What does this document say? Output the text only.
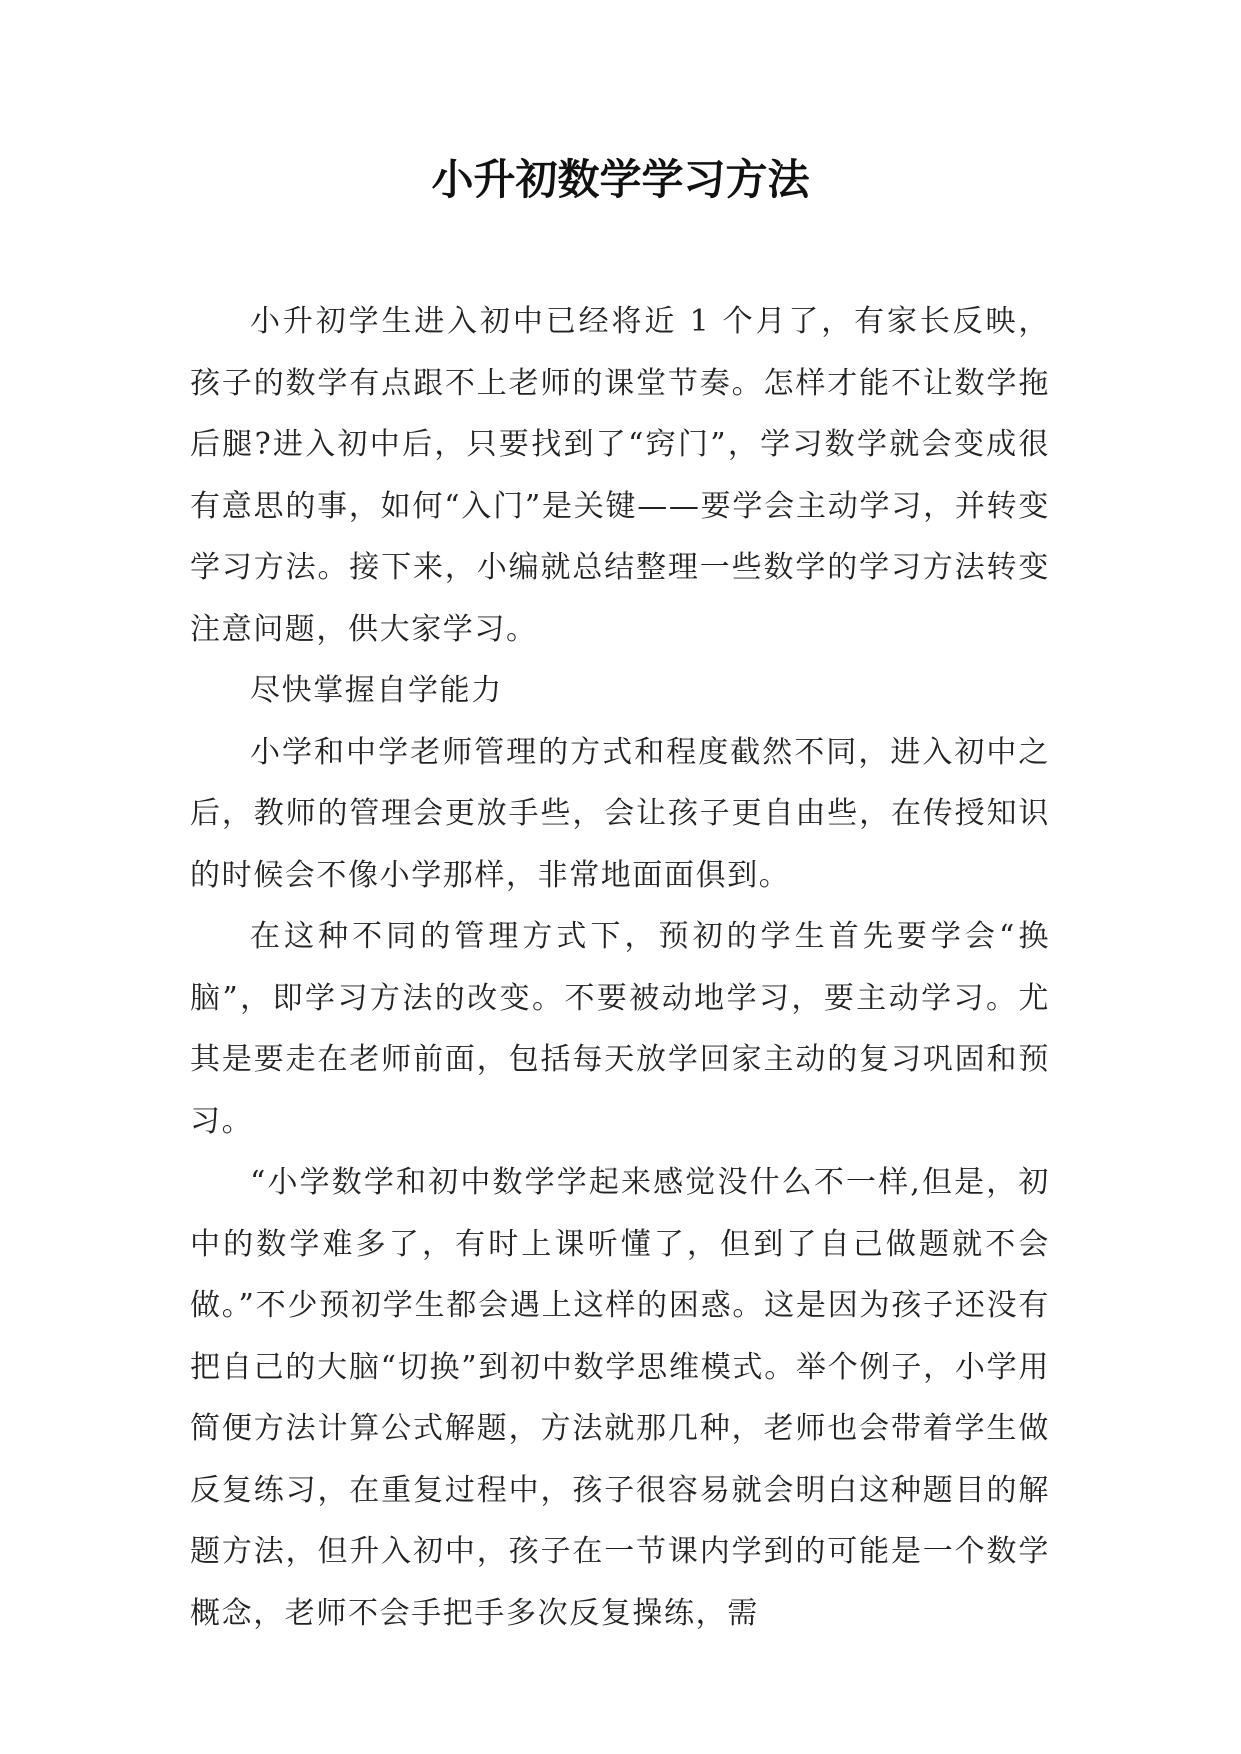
小升初数学学习方法

小升初学生进入初中已经将近 1 个月了，有家长反映，孩子的数学有点跟不上老师的课堂节奏。怎样才能不让数学拖后腿?进入初中后，只要找到了“窍门”，学习数学就会变成很有意思的事，如何“入门”是关键——要学会主动学习，并转变学习方法。接下来，小编就总结整理一些数学的学习方法转变注意问题，供大家学习。

尽快掌握自学能力

小学和中学老师管理的方式和程度截然不同，进入初中之后，教师的管理会更放手些，会让孩子更自由些，在传授知识的时候会不像小学那样，非常地面面俱到。

在这种不同的管理方式下，预初的学生首先要学会“换脑”，即学习方法的改变。不要被动地学习，要主动学习。尤其是要走在老师前面，包括每天放学回家主动的复习巩固和预习。

“小学数学和初中数学学起来感觉没什么不一样,但是，初中的数学难多了，有时上课听懂了，但到了自己做题就不会做。”不少预初学生都会遇上这样的困惑。这是因为孩子还没有把自己的大脑“切换”到初中数学思维模式。举个例子，小学用简便方法计算公式解题，方法就那几种，老师也会带着学生做反复练习，在重复过程中，孩子很容易就会明白这种题目的解题方法，但升入初中，孩子在一节课内学到的可能是一个数学概念，老师不会手把手多次反复操练，需
